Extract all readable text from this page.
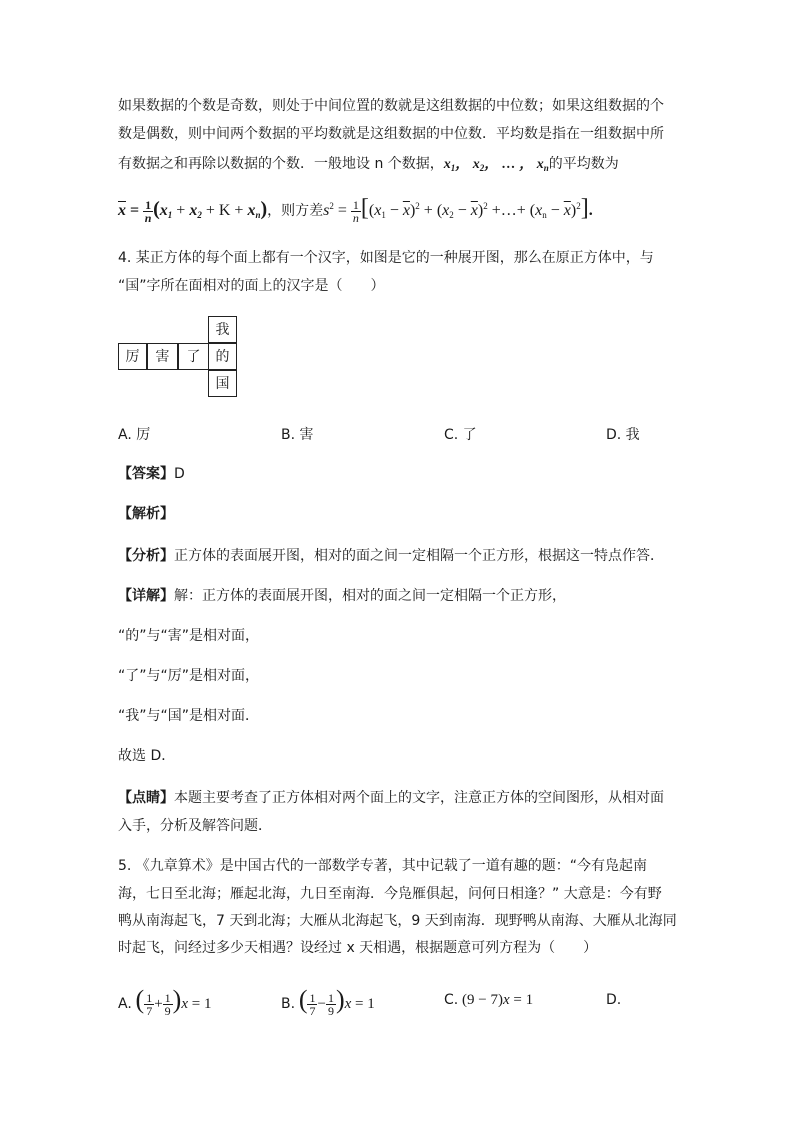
如果数据的个数是奇数，则处于中间位置的数就是这组数据的中位数；如果这组数据的个
数是偶数，则中间两个数据的平均数就是这组数据的中位数．平均数是指在一组数据中所
有数据之和再除以数据的个数．一般地设 n 个数据，$x_1$， $x_2$， … ， $x_n$的平均数为
$\overline{x} = \frac{1}{n} (x_1 + x_2 + K + x_n)$，则方差$s^2 = \frac{1}{n} [(x_1 - \overline{x})^2 + (x_2 - \overline{x})^2$ +…+ $(x_n - \overline{x})^2$].
4. 某正方体的每个面上都有一个汉字，如图是它的一种展开图，那么在原正方体中，与
“国”字所在面相对的面上的汉字是（　　）
我
厉	害	了	的
国
A. 厉	B. 害	C. 了	D. 我
【答案】D
【解析】
【分析】正方体的表面展开图，相对的面之间一定相隔一个正方形，根据这一特点作答．
【详解】解：正方体的表面展开图，相对的面之间一定相隔一个正方形，
“的”与“害”是相对面，
“了”与“厉”是相对面，
“我”与“国”是相对面．
故选 D．
【点睛】本题主要考查了正方体相对两个面上的文字，注意正方体的空间图形，从相对面
入手，分析及解答问题．
5. 《九章算术》是中国古代的一部数学专著，其中记载了一道有趣的题：“今有凫起南
海，七日至北海；雁起北海，九日至南海．今凫雁俱起，问何日相逢？” 大意是：今有野
鸭从南海起飞，7 天到北海；大雁从北海起飞，9 天到南海．现野鸭从南海、大雁从北海同
时起飞，问经过多少天相遇？设经过 x 天相遇，根据题意可列方程为（　　）
A. ( $\frac{1}{7} + \frac{1}{9} )x = 1$	B. ( $\frac{1}{7} - \frac{1}{9} )x = 1$	C. (9 − 7)x = 1	D.
